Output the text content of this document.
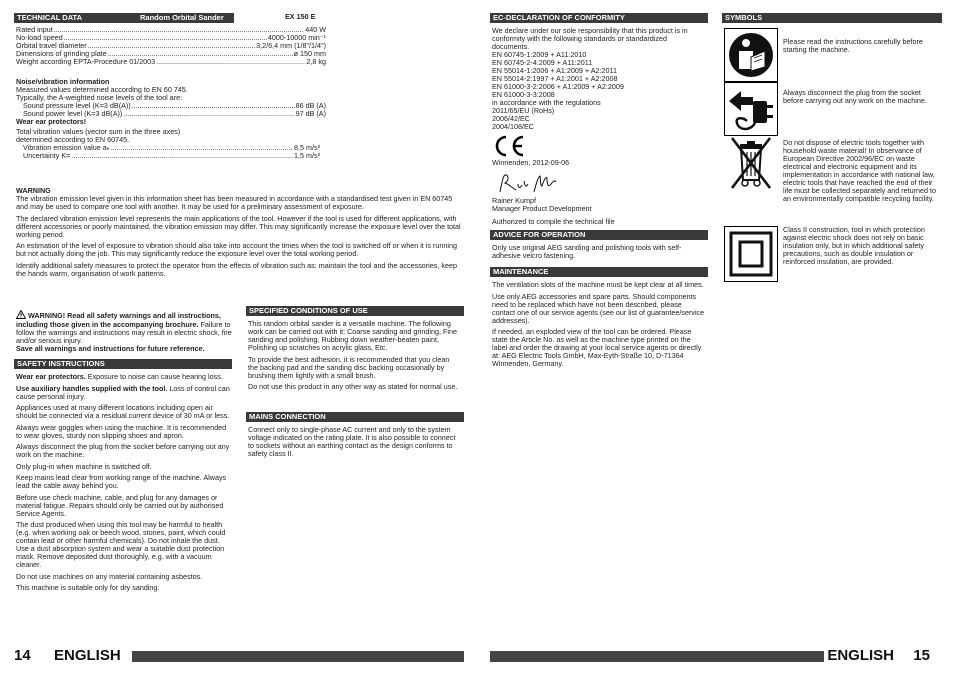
TECHNICAL DATA	Random Orbital Sander	EX 150 E
Rated input .....	440 W
No-load speed .....	4000-10000 min⁻¹
Orbital travel diameter .....	3,2/6,4 mm (1/8"/1/4")
Dimensions of grinding plate .....	ø 150 mm
Weight according EPTA-Procedure 01/2003 .....	2,8 kg
Noise/vibration information
Measured values determined according to EN 60 745.
Typically, the A-weighted noise levels of the tool are:
Sound pressure level (K=3 dB(A)) .....	86 dB (A)
Sound power level (K=3 dB(A)) .....	97 dB (A)
Wear ear protectors!
Total vibration values (vector sum in the three axes)
determined according to EN 60745.
Vibration emission value aₕ .....	8,5 m/s²
Uncertainty K= .....	1,5 m/s²
WARNING

The vibration emission level given in this information sheet has been measured in accordance with a standardised test given in EN 60745 and may be used to compare one tool with another. It may be used for a preliminary assessment of exposure.

The declared vibration emission level represents the main applications of the tool. However if the tool is used for different applications, with different accessories or poorly maintained, the vibration emission may differ. This may significantly increase the exposure level over the total working period.

An estimation of the level of exposure to vibration should also take into account the times when the tool is switched off or when it is running but not actually doing the job. This may significantly reduce the exposure level over the total working period.

Identify additional safety measures to protect the operator from the effects of vibration such as: maintain the tool and the accessories, keep the hands warm, organisation of work patterns.

WARNING! Read all safety warnings and all instructions, including those given in the accompanying brochure. Failure to follow the warnings and instructions may result in electric shock, fire and/or serious injury.
Save all warnings and instructions for future reference.
SAFETY INSTRUCTIONS

Wear ear protectors. Exposure to noise can cause hearing loss.

Use auxiliary handles supplied with the tool. Loss of control can cause personal injury.

Appliances used at many different locations including open air should be connected via a residual current device of 30 mA or less.

Always wear goggles when using the machine. It is recommended to wear gloves, sturdy non slipping shoes and apron.

Always disconnect the plug from the socket before carrying out any work on the machine.

Only plug-in when machine is switched off.

Keep mains lead clear from working range of the machine. Always lead the cable away behind you.

Before use check machine, cable, and plug for any damages or material fatigue. Repairs should only be carried out by authorised Service Agents.

The dust produced when using this tool may be harmful to health (e.g. when working oak or beech wood, stones, paint, which could contain lead or other harmful chemicals). Do not inhale the dust. Use a dust absorption system and wear a suitable dust protection mask. Remove deposited dust thoroughly, e.g. with a vacuum cleaner.

Do not use machines on any material containing asbestos.

This machine is suitable only for dry sanding.

SPECIFIED CONDITIONS OF USE

This random orbital sander is a versatile machine. The following work can be carried out with it: Coarse sanding and grinding, Fine sanding and polishing, Rubbing down weather-beaten paint, Polishing up scratches on acrylic glass, Etc.

To provide the best adhesion, it is recommended that you clean the backing pad and the sanding disc backing occasionally by brushing them lightly with a small brush.

Do not use this product in any other way as stated for normal use.

MAINS CONNECTION

Connect only to single-phase AC current and only to the system voltage indicated on the rating plate. It is also possible to connect to sockets without an earthing contact as the design conforms to safety class II.

14 ENGLISH
EC-DECLARATION OF CONFORMITY
We declare under our sole responsibility that this product is in conformity with the following standards or standardized documents.
EN 60745-1:2009 + A11:2010
EN 60745-2-4:2009 + A11:2011
EN 55014-1:2006 + A1:2009 + A2:2011
EN 55014-2:1997 + A1:2001 + A2:2008
EN 61000-3-2:2006 + A1:2009 + A2:2009
EN 61000-3-3:2008
in accordance with the regulations
2011/65/EU (RoHs)
2006/42/EC
2004/108/EC
Winnenden, 2012-09-06
Rainer Kumpf
Manager Product Development
Authorized to compile the technical file
ADVICE FOR OPERATION

Only use original AEG sanding and polishing tools with self-adhesive velcro fastening.

MAINTENANCE

The ventilation slots of the machine must be kept clear at all times.

Use only AEG accessories and spare parts. Should components need to be replaced which have not been described, please contact one of our service agents (see our list of guarantee/service addresses).

If needed, an exploded view of the tool can be ordered. Please state the Article No. as well as the machine type printed on the label and order the drawing at your local service agents or directly at: AEG Electric Tools GmbH, Max-Eyth-Straße 10, D-71364 Winnenden, Germany.

SYMBOLS
Please read the instructions carefully before starting the machine.
Always disconnect the plug from the socket before carrying out any work on the machine.
Do not dispose of electric tools together with household waste material! In observance of European Directive 2002/96/EC on waste electrical and electronic equipment and its implementation in accordance with national law, electric tools that have reached the end of their life must be collected separately and returned to an environmentally compatible recycling facility.
Class II construction, tool in which protection against electric shock does not rely on basic insulation only, but in which additional safety precautions, such as double insulation or reinforced insulation, are provided.
ENGLISH 15
